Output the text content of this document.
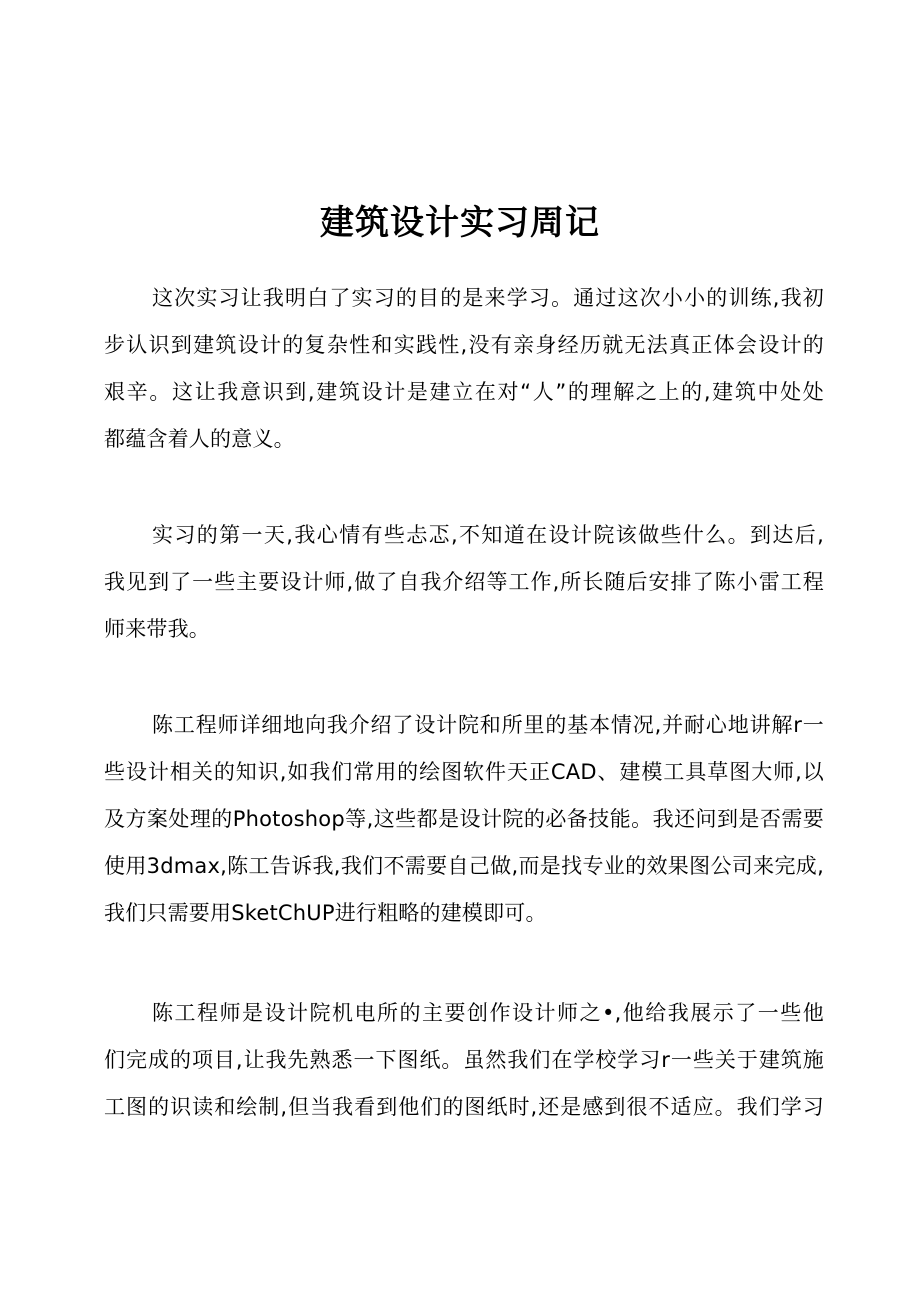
建筑设计实习周记
这次实习让我明白了实习的目的是来学习。通过这次小小的训练,我初
步认识到建筑设计的复杂性和实践性,没有亲身经历就无法真正体会设计的
艰辛。这让我意识到,建筑设计是建立在对“人”的理解之上的,建筑中处处
都蕴含着人的意义。
实习的第一天,我心情有些忐忑,不知道在设计院该做些什么。到达后,
我见到了一些主要设计师,做了自我介绍等工作,所长随后安排了陈小雷工程
师来带我。
陈工程师详细地向我介绍了设计院和所里的基本情况,并耐心地讲解r一
些设计相关的知识,如我们常用的绘图软件天正CAD、建模工具草图大师,以
及方案处理的Photoshop等,这些都是设计院的必备技能。我还问到是否需要
使用3dmax,陈工告诉我,我们不需要自己做,而是找专业的效果图公司来完成,
我们只需要用SketChUP进行粗略的建模即可。
陈工程师是设计院机电所的主要创作设计师之•,他给我展示了一些他
们完成的项目,让我先熟悉一下图纸。虽然我们在学校学习r一些关于建筑施
工图的识读和绘制,但当我看到他们的图纸时,还是感到很不适应。我们学习
